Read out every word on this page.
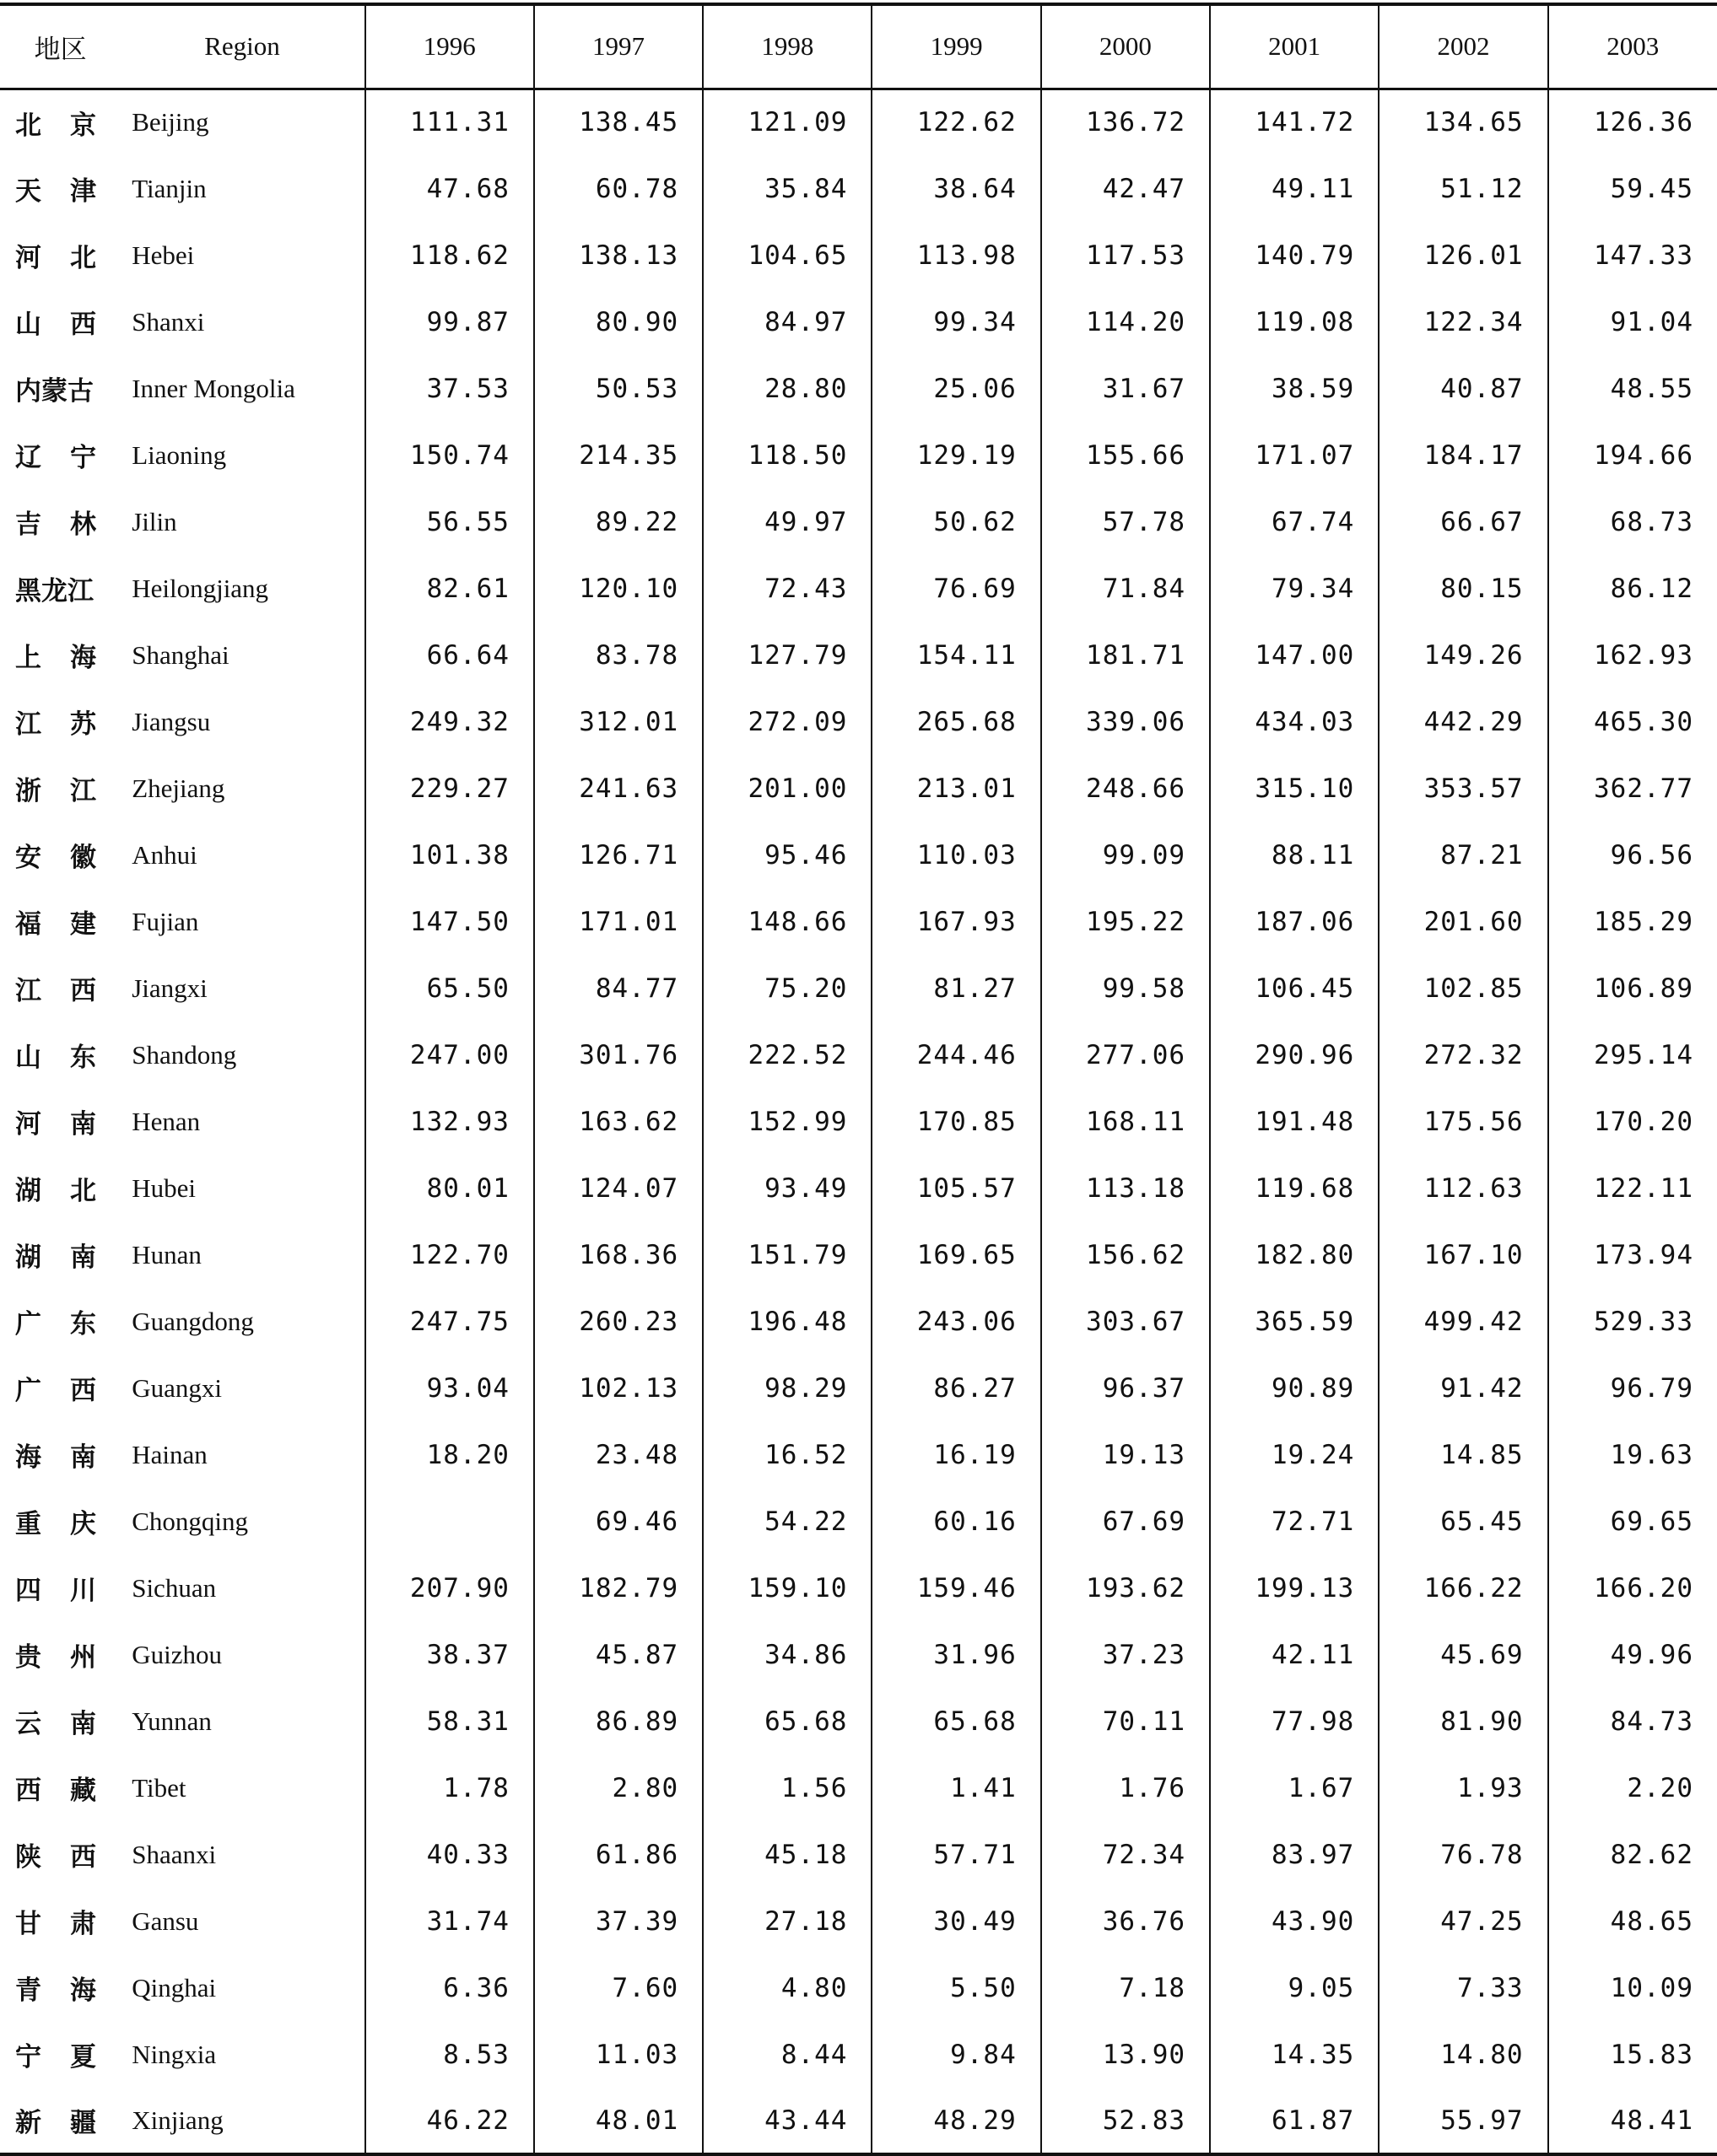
地区	Region	1996	1997	1998	1999	2000	2001	2002	2003
北京	Beijing	111.31	138.45	121.09	122.62	136.72	141.72	134.65	126.36
天津	Tianjin	47.68	60.78	35.84	38.64	42.47	49.11	51.12	59.45
河北	Hebei	118.62	138.13	104.65	113.98	117.53	140.79	126.01	147.33
山西	Shanxi	99.87	80.90	84.97	99.34	114.20	119.08	122.34	91.04
内蒙古	Inner Mongolia	37.53	50.53	28.80	25.06	31.67	38.59	40.87	48.55
辽宁	Liaoning	150.74	214.35	118.50	129.19	155.66	171.07	184.17	194.66
吉林	Jilin	56.55	89.22	49.97	50.62	57.78	67.74	66.67	68.73
黑龙江	Heilongjiang	82.61	120.10	72.43	76.69	71.84	79.34	80.15	86.12
上海	Shanghai	66.64	83.78	127.79	154.11	181.71	147.00	149.26	162.93
江苏	Jiangsu	249.32	312.01	272.09	265.68	339.06	434.03	442.29	465.30
浙江	Zhejiang	229.27	241.63	201.00	213.01	248.66	315.10	353.57	362.77
安徽	Anhui	101.38	126.71	95.46	110.03	99.09	88.11	87.21	96.56
福建	Fujian	147.50	171.01	148.66	167.93	195.22	187.06	201.60	185.29
江西	Jiangxi	65.50	84.77	75.20	81.27	99.58	106.45	102.85	106.89
山东	Shandong	247.00	301.76	222.52	244.46	277.06	290.96	272.32	295.14
河南	Henan	132.93	163.62	152.99	170.85	168.11	191.48	175.56	170.20
湖北	Hubei	80.01	124.07	93.49	105.57	113.18	119.68	112.63	122.11
湖南	Hunan	122.70	168.36	151.79	169.65	156.62	182.80	167.10	173.94
广东	Guangdong	247.75	260.23	196.48	243.06	303.67	365.59	499.42	529.33
广西	Guangxi	93.04	102.13	98.29	86.27	96.37	90.89	91.42	96.79
海南	Hainan	18.20	23.48	16.52	16.19	19.13	19.24	14.85	19.63
重庆	Chongqing		69.46	54.22	60.16	67.69	72.71	65.45	69.65
四川	Sichuan	207.90	182.79	159.10	159.46	193.62	199.13	166.22	166.20
贵州	Guizhou	38.37	45.87	34.86	31.96	37.23	42.11	45.69	49.96
云南	Yunnan	58.31	86.89	65.68	65.68	70.11	77.98	81.90	84.73
西藏	Tibet	1.78	2.80	1.56	1.41	1.76	1.67	1.93	2.20
陕西	Shaanxi	40.33	61.86	45.18	57.71	72.34	83.97	76.78	82.62
甘肃	Gansu	31.74	37.39	27.18	30.49	36.76	43.90	47.25	48.65
青海	Qinghai	6.36	7.60	4.80	5.50	7.18	9.05	7.33	10.09
宁夏	Ningxia	8.53	11.03	8.44	9.84	13.90	14.35	14.80	15.83
新疆	Xinjiang	46.22	48.01	43.44	48.29	52.83	61.87	55.97	48.41
